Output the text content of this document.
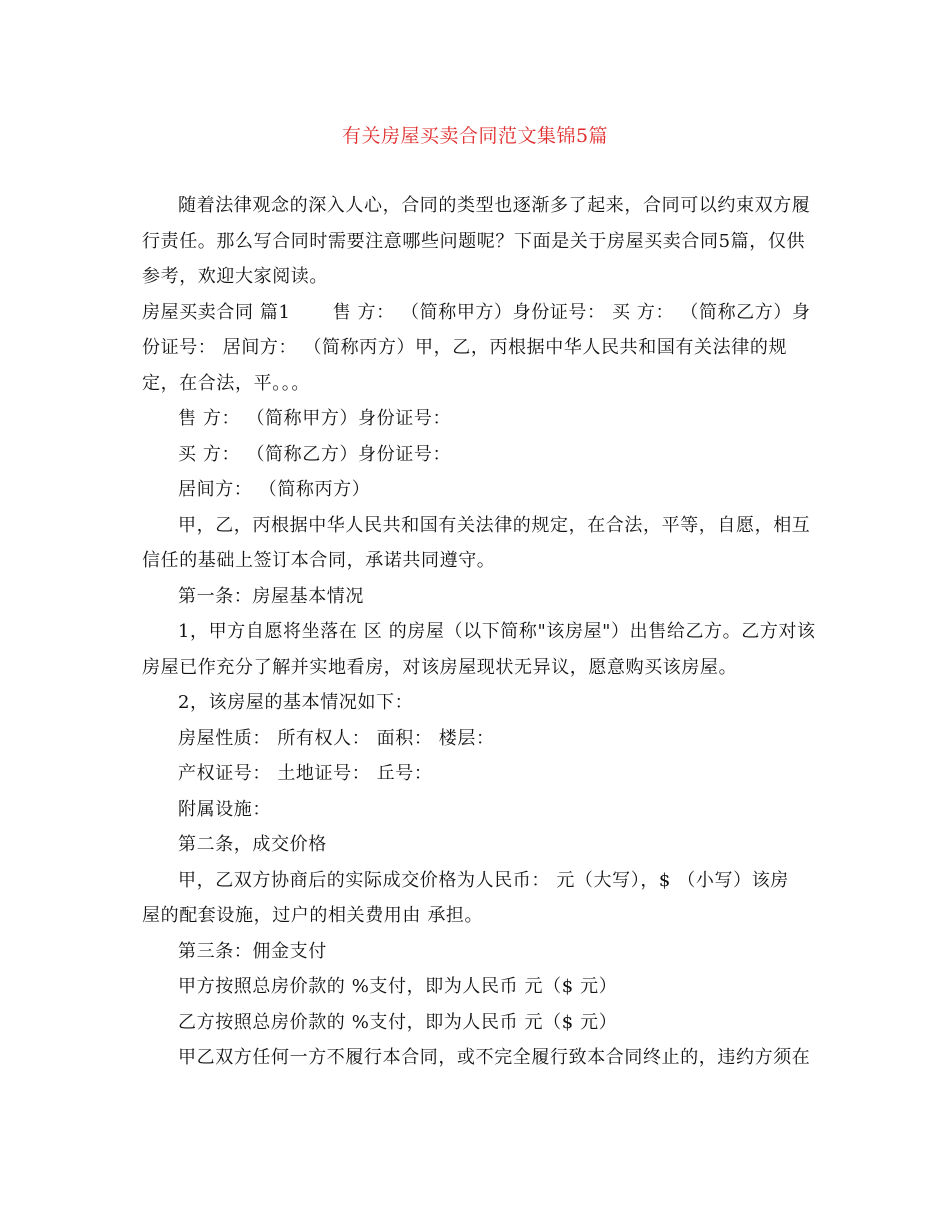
有关房屋买卖合同范文集锦5篇

随着法律观念的深入人心，合同的类型也逐渐多了起来，合同可以约束双方履
行责任。那么写合同时需要注意哪些问题呢？下面是关于房屋买卖合同5篇，仅供
参考，欢迎大家阅读。

房屋买卖合同 篇1 售 方： （简称甲方）身份证号： 买 方： （简称乙方）身
份证号： 居间方： （简称丙方）甲，乙，丙根据中华人民共和国有关法律的规
定，在合法，平。。。

售 方： （简称甲方）身份证号：

买 方： （简称乙方）身份证号：

居间方： （简称丙方）

甲，乙，丙根据中华人民共和国有关法律的规定，在合法，平等，自愿，相互
信任的基础上签订本合同，承诺共同遵守。

第一条：房屋基本情况

1，甲方自愿将坐落在 区 的房屋（以下简称"该房屋"）出售给乙方。乙方对该
房屋已作充分了解并实地看房，对该房屋现状无异议，愿意购买该房屋。

2，该房屋的基本情况如下：

房屋性质： 所有权人： 面积： 楼层：

产权证号： 土地证号： 丘号：

附属设施：

第二条，成交价格

甲，乙双方协商后的实际成交价格为人民币： 元（大写），$ （小写）该房
屋的配套设施，过户的相关费用由 承担。

第三条：佣金支付

甲方按照总房价款的 %支付，即为人民币 元（$ 元）

乙方按照总房价款的 %支付，即为人民币 元（$ 元）

甲乙双方任何一方不履行本合同，或不完全履行致本合同终止的，违约方须在
